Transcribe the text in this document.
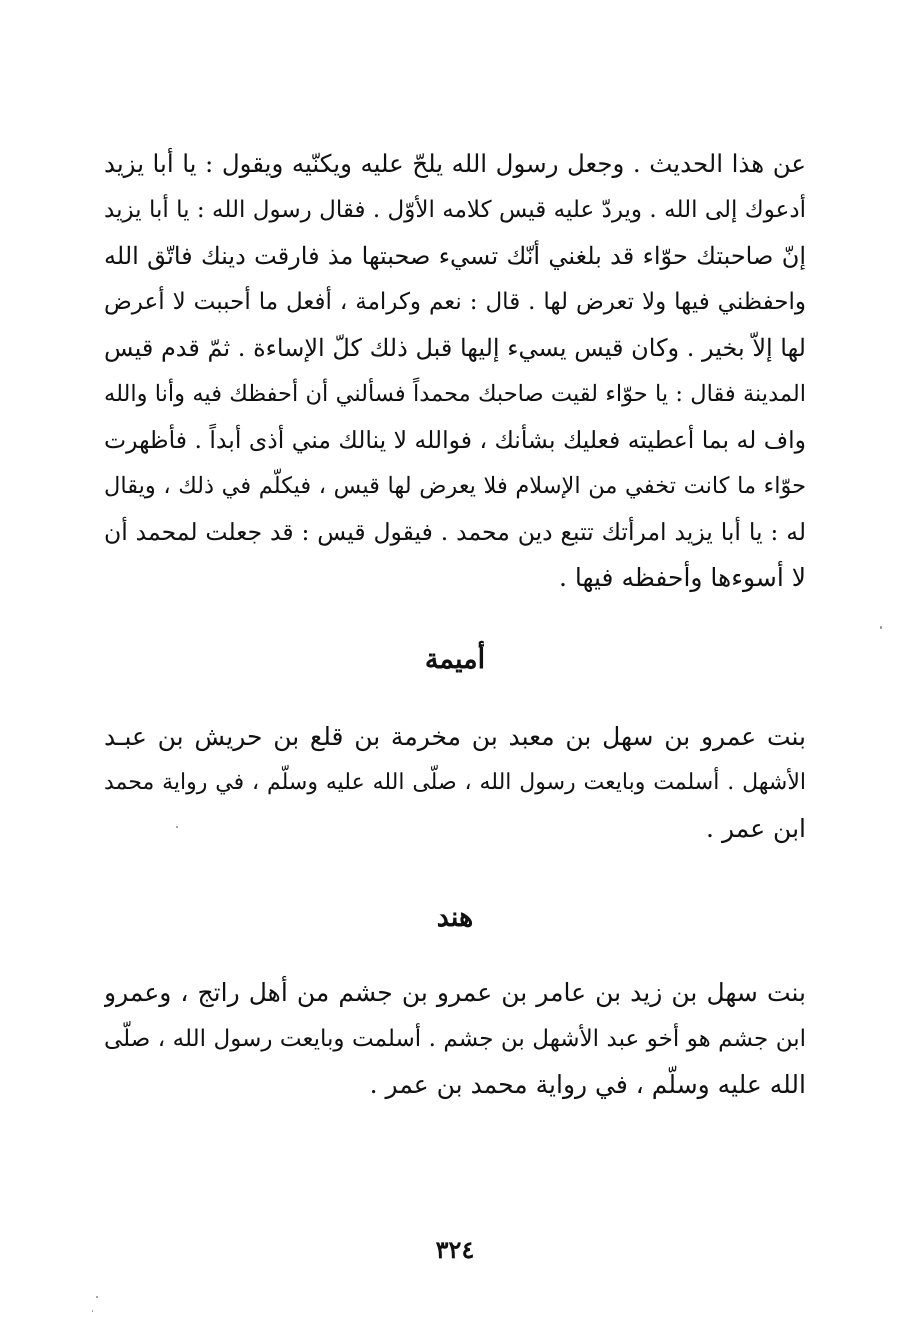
عن هذا الحديث . وجعل رسول الله يلحّ عليه ويكنّيه ويقول : يا أبا يزيد
أدعوك إلى الله . ويردّ عليه قيس كلامه الأوّل . فقال رسول الله : يا أبا يزيد
إنّ صاحبتك حوّاء قد بلغني أنّك تسيء صحبتها مذ فارقت دينك فاتّق الله
واحفظني فيها ولا تعرض لها . قال : نعم وكرامة ، أفعل ما أحببت لا أعرض
لها إلاّ بخير . وكان قيس يسيء إليها قبل ذلك كلّ الإساءة . ثمّ قدم قيس
المدينة فقال : يا حوّاء لقيت صاحبك محمداً فسألني أن أحفظك فيه وأنا والله
واف له بما أعطيته فعليك بشأنك ، فوالله لا ينالك مني أذى أبداً . فأظهرت
حوّاء ما كانت تخفي من الإسلام فلا يعرض لها قيس ، فيكلّم في ذلك ، ويقال
له : يا أبا يزيد امرأتك تتبع دين محمد . فيقول قيس : قد جعلت لمحمد أن
لا أسوءها وأحفظه فيها .
أميمة
بنت عمرو بن سهل بن معبد بن مخرمة بن قلع بن حريش بن عبـد
الأشهل . أسلمت وبايعت رسول الله ، صلّى الله عليه وسلّم ، في رواية محمد
ابن عمر .
هند
بنت سهل بن زيد بن عامر بن عمرو بن جشم من أهل راتج ، وعمرو
ابن جشم هو أخو عبد الأشهل بن جشم . أسلمت وبايعت رسول الله ، صلّى
الله عليه وسلّم ، في رواية محمد بن عمر .
٣٢٤
